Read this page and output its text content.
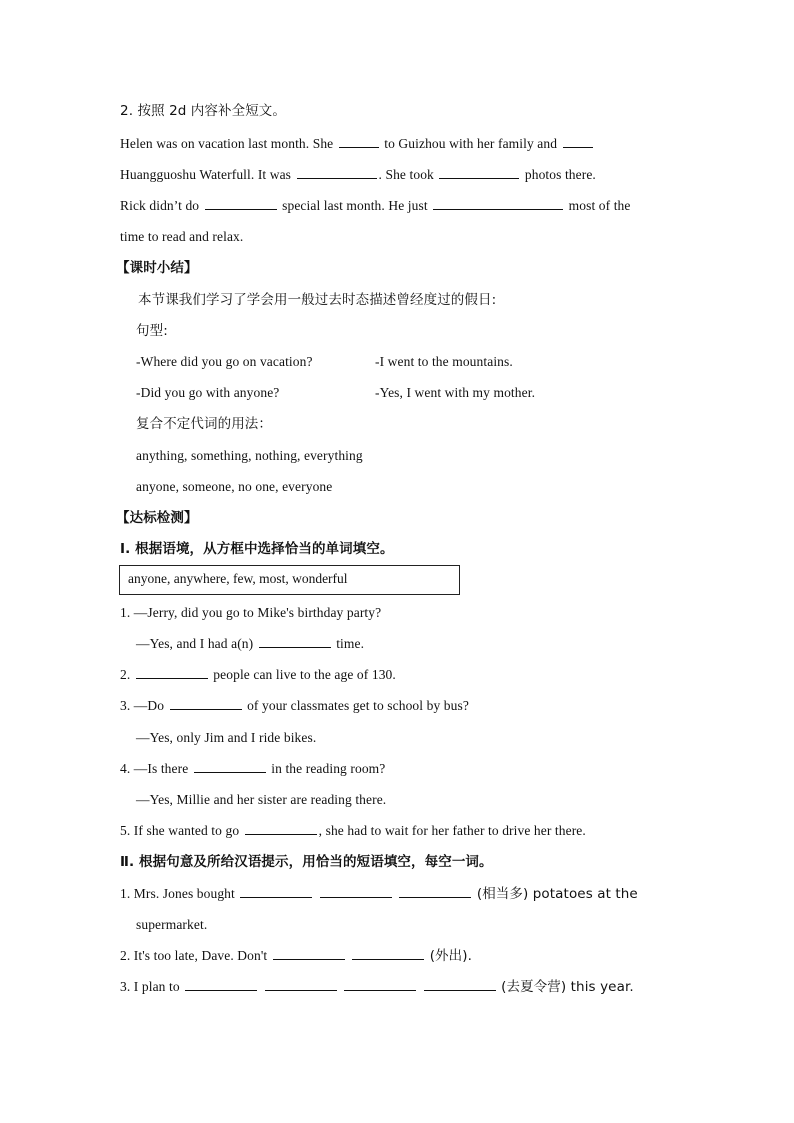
2. 按照 2d 内容补全短文。
Helen was on vacation last month. She	to Guizhou with her family and
Huangguoshu Waterfull. It was	. She took	photos there.
Rick didn’t do	special last month. He just	most of the
time to read and relax.
【课时小结】
本节课我们学习了学会用一般过去时态描述曾经度过的假日:
句型:
-Where did you go on vacation?	-I went to the mountains.
-Did you go with anyone?	-Yes, I went with my mother.
复合不定代词的用法：
anything, something, nothing, everything
anyone, someone, no one, everyone
【达标检测】
Ⅰ. 根据语境，从方框中选择恰当的单词填空。
anyone, anywhere, few, most, wonderful
1. —Jerry, did you go to Mike's birthday party?
—Yes, and I had a(n)	time.
2.	people can live to the age of 130.
3. —Do	of your classmates get to school by bus?
—Yes, only Jim and I ride bikes.
4. —Is there	in the reading room?
—Yes, Millie and her sister are reading there.
5. If she wanted to go	, she had to wait for her father to drive her there.
Ⅱ. 根据句意及所给汉语提示，用恰当的短语填空，每空一词。
1. Mrs. Jones bought	(相当多) potatoes at the
supermarket.
2. It's too late, Dave. Don't	(外出).
3. I plan to	(去夏令营) this year.
